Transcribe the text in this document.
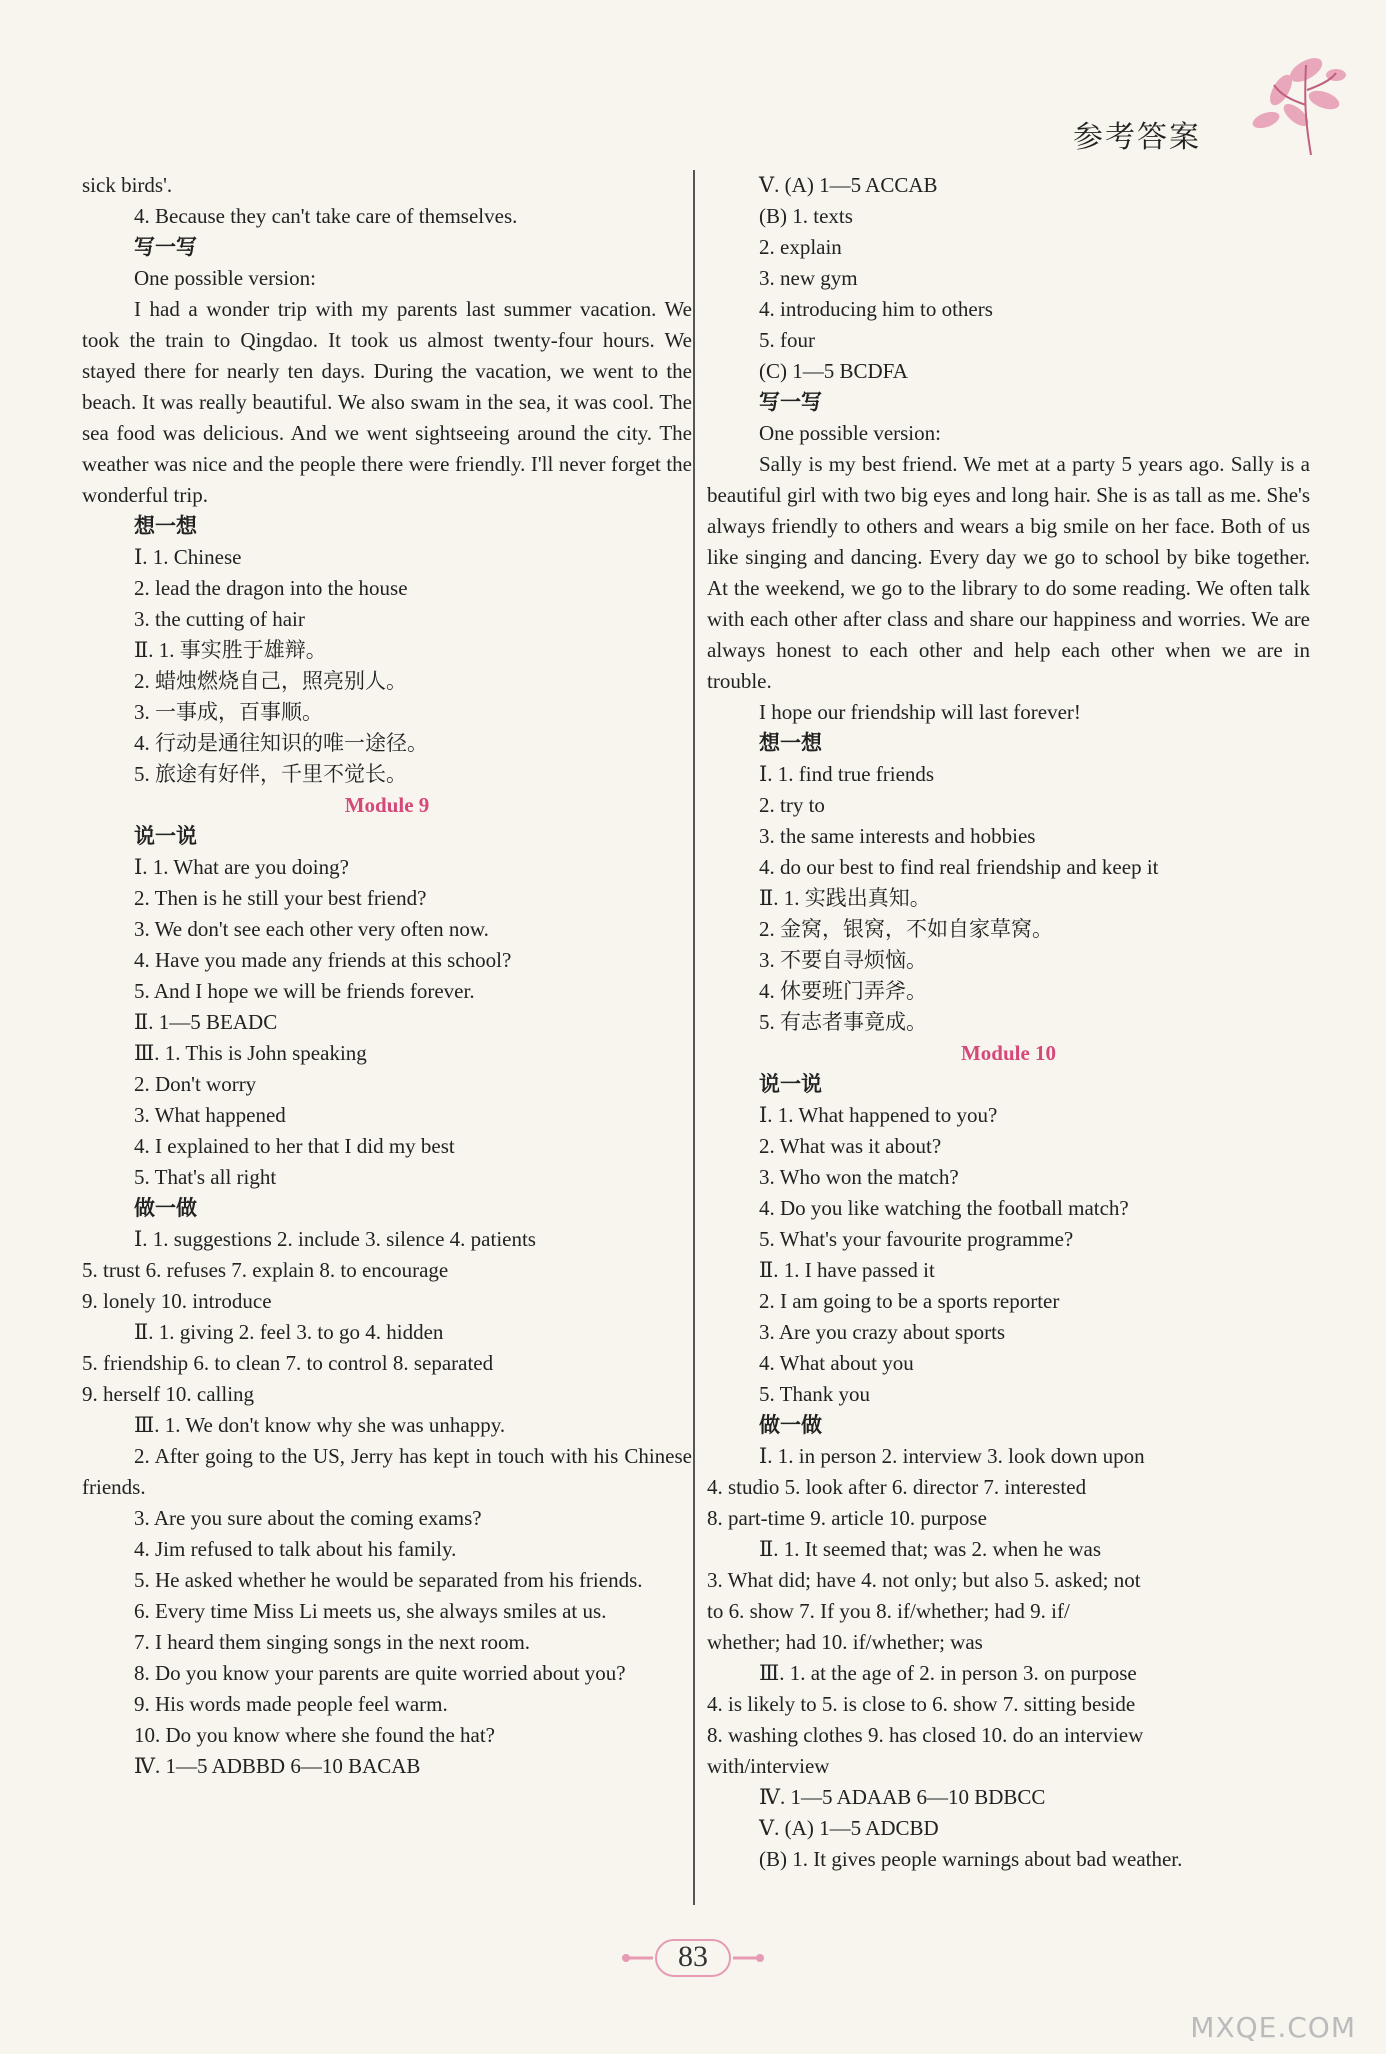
参考答案
sick birds'.
4. Because they can't take care of themselves.
写一写
One possible version:
I had a wonder trip with my parents last summer vacation. We took the train to Qingdao. It took us almost twenty-four hours. We stayed there for nearly ten days. During the vacation, we went to the beach. It was really beautiful. We also swam in the sea, it was cool. The sea food was delicious. And we went sightseeing around the city. The weather was nice and the people there were friendly. I'll never forget the wonderful trip.
想一想
Ⅰ. 1. Chinese
2. lead the dragon into the house
3. the cutting of hair
Ⅱ. 1. 事实胜于雄辩。
2. 蜡烛燃烧自己，照亮别人。
3. 一事成，百事顺。
4. 行动是通往知识的唯一途径。
5. 旅途有好伴，千里不觉长。
Module 9
说一说
Ⅰ. 1. What are you doing?
2. Then is he still your best friend?
3. We don't see each other very often now.
4. Have you made any friends at this school?
5. And I hope we will be friends forever.
Ⅱ. 1—5 BEADC
Ⅲ. 1. This is John speaking
2. Don't worry
3. What happened
4. I explained to her that I did my best
5. That's all right
做一做
Ⅰ. 1. suggestions 2. include 3. silence 4. patients
5. trust 6. refuses 7. explain 8. to encourage
9. lonely 10. introduce
Ⅱ. 1. giving 2. feel 3. to go 4. hidden
5. friendship 6. to clean 7. to control 8. separated
9. herself 10. calling
Ⅲ. 1. We don't know why she was unhappy.
2. After going to the US, Jerry has kept in touch with his Chinese friends.
3. Are you sure about the coming exams?
4. Jim refused to talk about his family.
5. He asked whether he would be separated from his friends.
6. Every time Miss Li meets us, she always smiles at us.
7. I heard them singing songs in the next room.
8. Do you know your parents are quite worried about you?
9. His words made people feel warm.
10. Do you know where she found the hat?
Ⅳ. 1—5 ADBBD 6—10 BACAB
Ⅴ. (A) 1—5 ACCAB
(B) 1. texts
2. explain
3. new gym
4. introducing him to others
5. four
(C) 1—5 BCDFA
写一写
One possible version:
Sally is my best friend. We met at a party 5 years ago. Sally is a beautiful girl with two big eyes and long hair. She is as tall as me. She's always friendly to others and wears a big smile on her face. Both of us like singing and dancing. Every day we go to school by bike together. At the weekend, we go to the library to do some reading. We often talk with each other after class and share our happiness and worries. We are always honest to each other and help each other when we are in trouble.
I hope our friendship will last forever!
想一想
Ⅰ. 1. find true friends
2. try to
3. the same interests and hobbies
4. do our best to find real friendship and keep it
Ⅱ. 1. 实践出真知。
2. 金窝，银窝，不如自家草窝。
3. 不要自寻烦恼。
4. 休要班门弄斧。
5. 有志者事竟成。
Module 10
说一说
Ⅰ. 1. What happened to you?
2. What was it about?
3. Who won the match?
4. Do you like watching the football match?
5. What's your favourite programme?
Ⅱ. 1. I have passed it
2. I am going to be a sports reporter
3. Are you crazy about sports
4. What about you
5. Thank you
做一做
Ⅰ. 1. in person 2. interview 3. look down upon
4. studio 5. look after 6. director 7. interested
8. part-time 9. article 10. purpose
Ⅱ. 1. It seemed that; was 2. when he was
3. What did; have 4. not only; but also 5. asked; not
to 6. show 7. If you 8. if/whether; had 9. if/
whether; had 10. if/whether; was
Ⅲ. 1. at the age of 2. in person 3. on purpose
4. is likely to 5. is close to 6. show 7. sitting beside
8. washing clothes 9. has closed 10. do an interview
with/interview
Ⅳ. 1—5 ADAAB 6—10 BDBCC
Ⅴ. (A) 1—5 ADCBD
(B) 1. It gives people warnings about bad weather.
83
MXQE.COM
